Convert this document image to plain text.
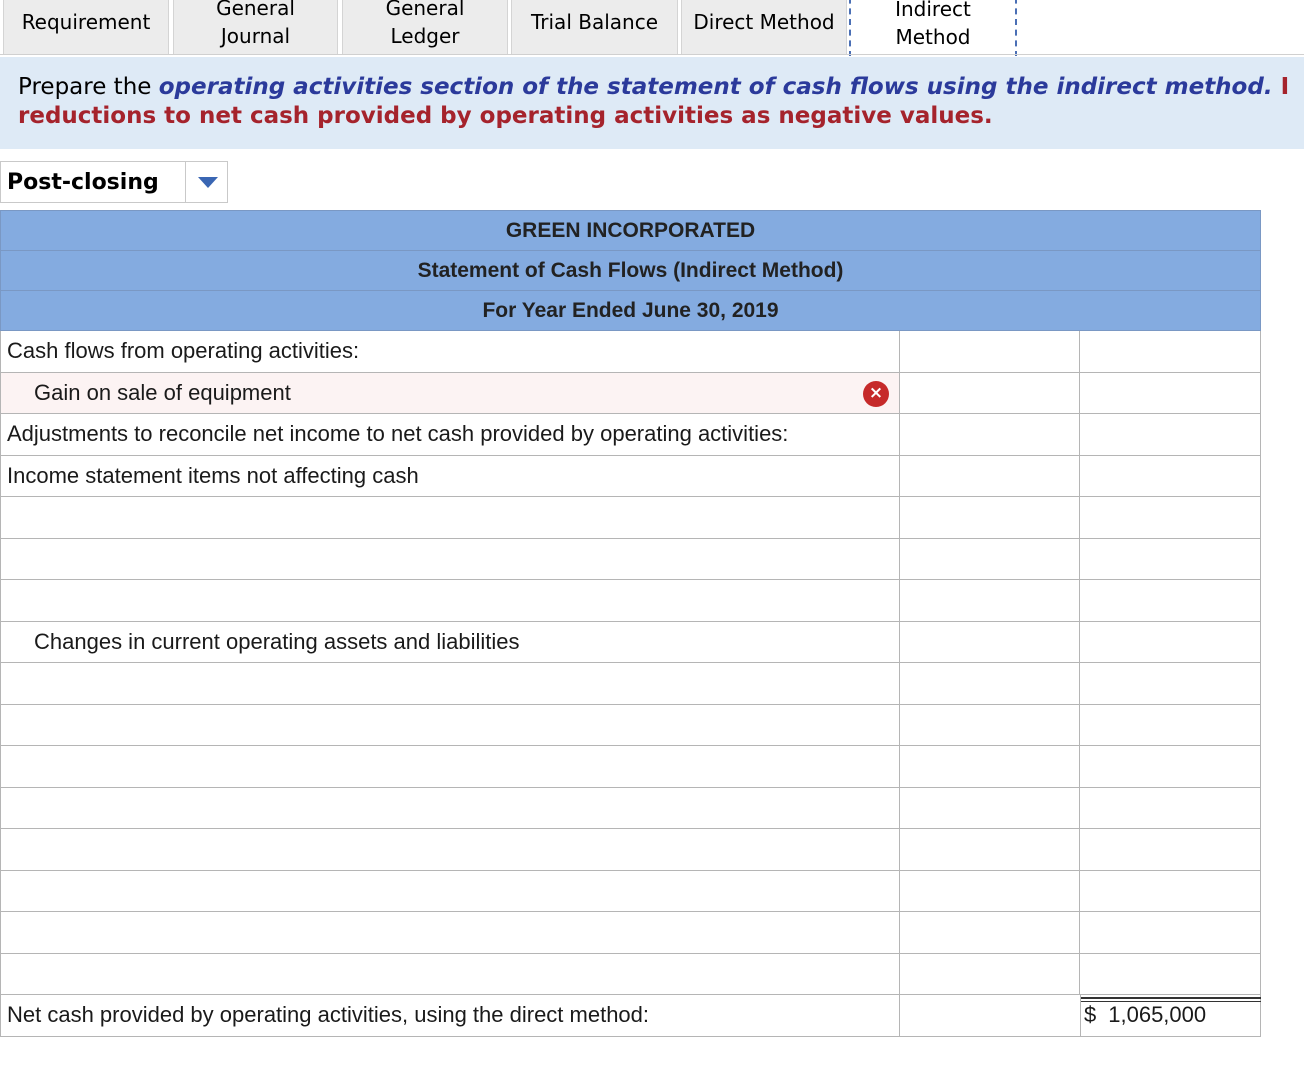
Requirement
General
Journal
General
Ledger
Trial Balance Direct Method
Indirect
Method
Prepare the operating activities section of the statement of cash flows using the indirect method. I
reductions to net cash provided by operating activities as negative values.
Post-closing
GREEN INCORPORATED
Statement of Cash Flows (Indirect Method)
For Year Ended June 30, 2019
Cash flows from operating activities:
Gain on sale of equipment	×
Adjustments to reconcile net income to net cash provided by operating activities:
Income statement items not affecting cash
Changes in current operating assets and liabilities
Net cash provided by operating activities, using the direct method:	$ 1,065,000
